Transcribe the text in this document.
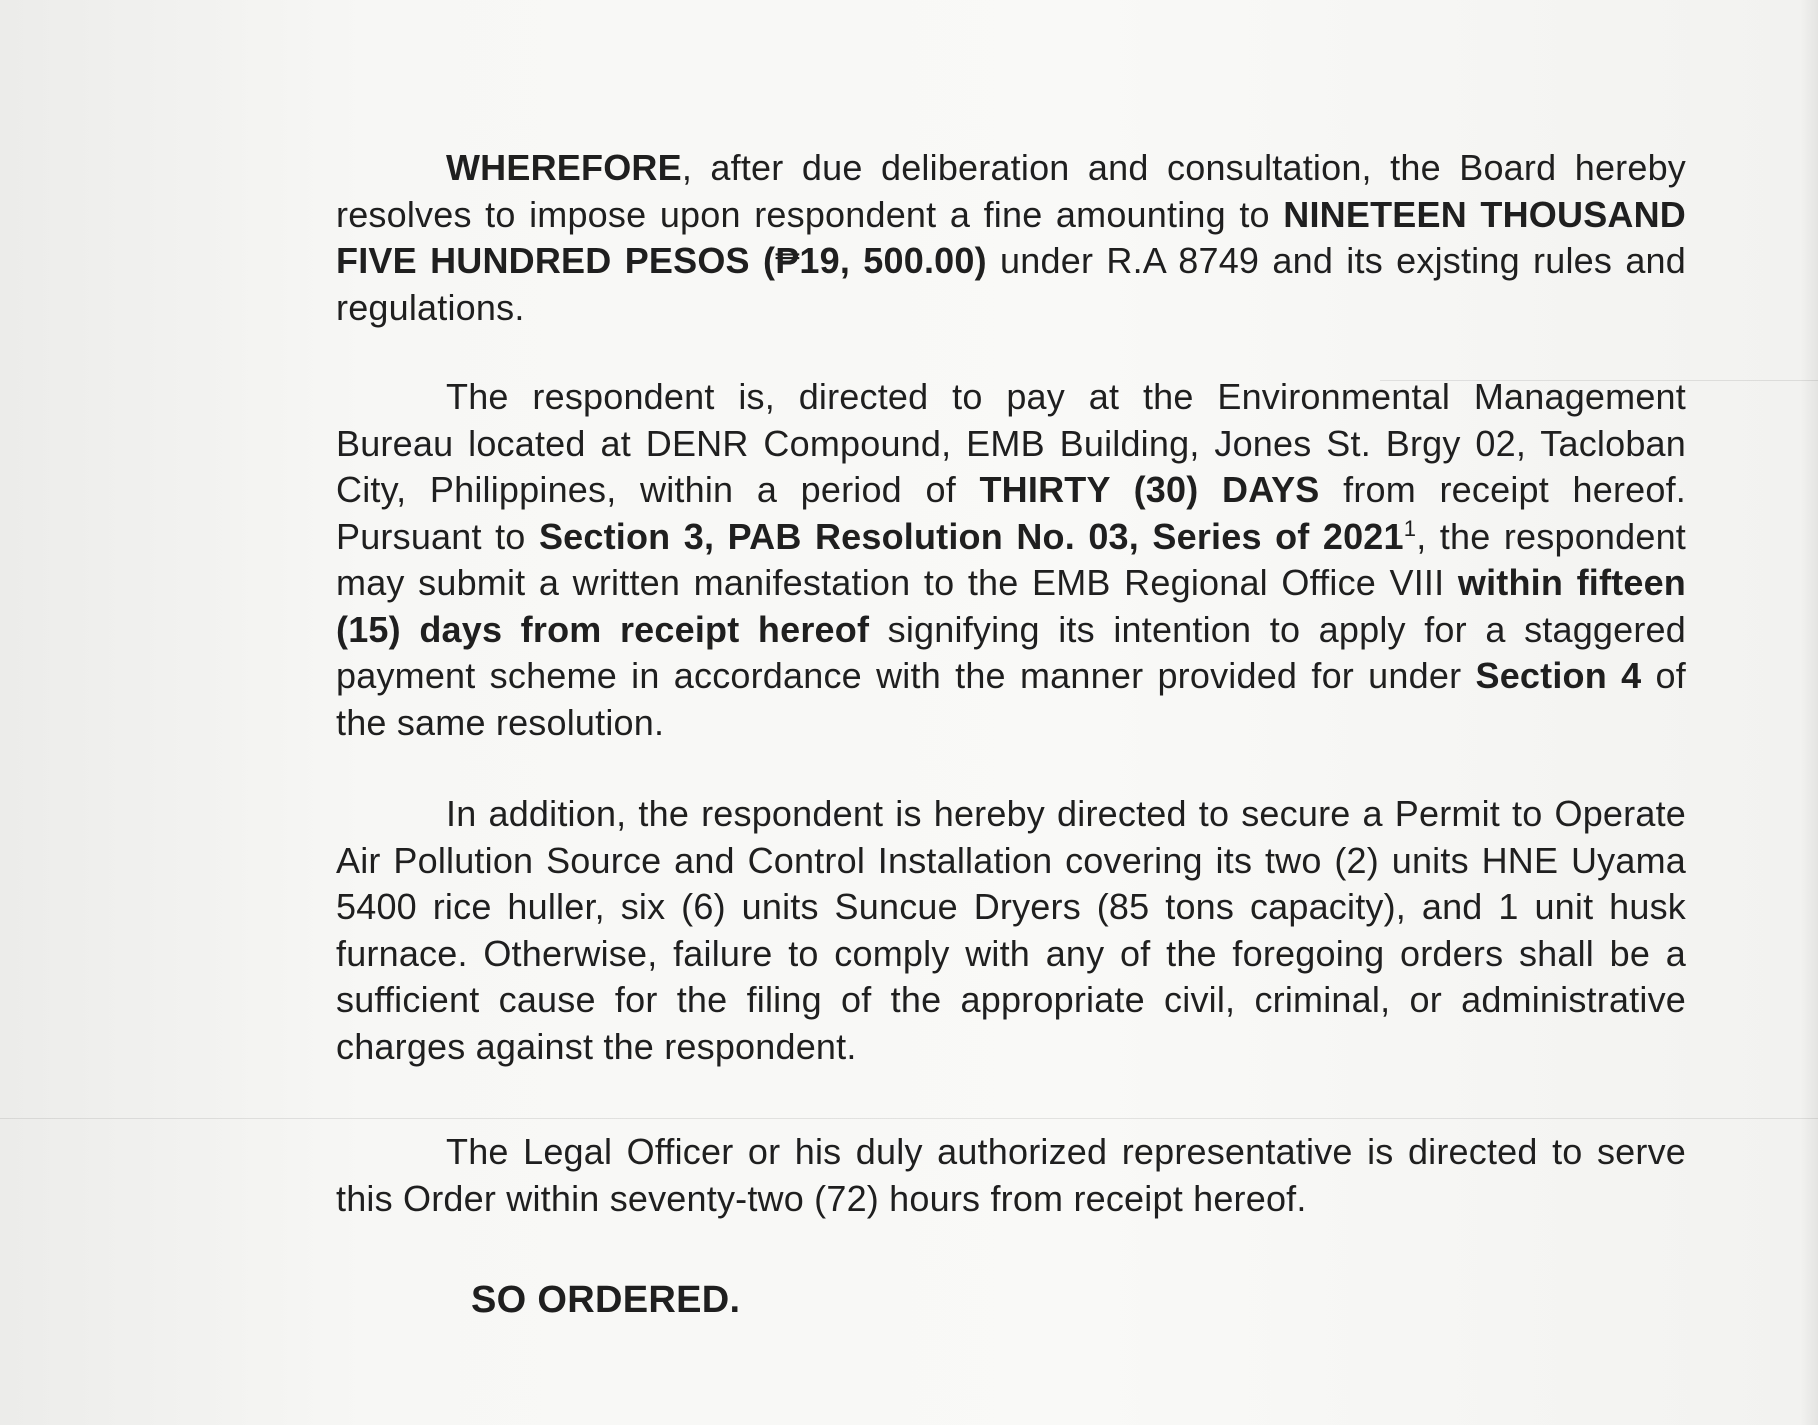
WHEREFORE, after due deliberation and consultation, the Board hereby resolves to impose upon respondent a fine amounting to NINETEEN THOUSAND FIVE HUNDRED PESOS (₱19, 500.00) under R.A 8749 and its exjsting rules and regulations.

The respondent is, directed to pay at the Environmental Management Bureau located at DENR Compound, EMB Building, Jones St. Brgy 02, Tacloban City, Philippines, within a period of THIRTY (30) DAYS from receipt hereof. Pursuant to Section 3, PAB Resolution No. 03, Series of 2021$^1$, the respondent may submit a written manifestation to the EMB Regional Office VIII within fifteen (15) days from receipt hereof signifying its intention to apply for a staggered payment scheme in accordance with the manner provided for under Section 4 of the same resolution.

In addition, the respondent is hereby directed to secure a Permit to Operate Air Pollution Source and Control Installation covering its two (2) units HNE Uyama 5400 rice huller, six (6) units Suncue Dryers (85 tons capacity), and 1 unit husk furnace. Otherwise, failure to comply with any of the foregoing orders shall be a sufficient cause for the filing of the appropriate civil, criminal, or administrative charges against the respondent.

The Legal Officer or his duly authorized representative is directed to serve this Order within seventy-two (72) hours from receipt hereof.

SO ORDERED.
